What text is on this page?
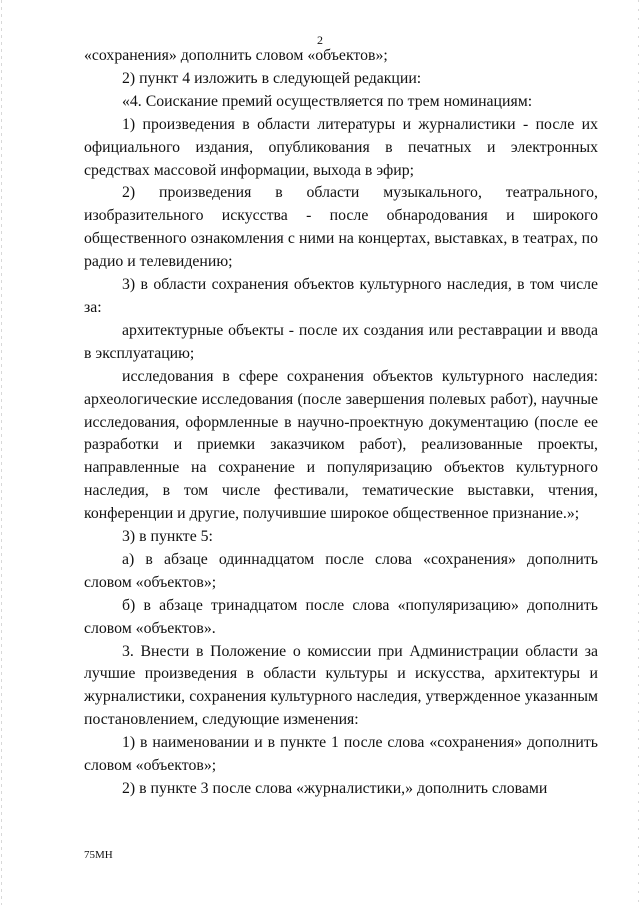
2

«сохранения» дополнить словом «объектов»;

2) пункт 4 изложить в следующей редакции:

«4. Соискание премий осуществляется по трем номинациям:

1) произведения в области литературы и журналистики - после их официального издания, опубликования в печатных и электронных средствах массовой информации, выхода в эфир;

2) произведения в области музыкального, театрального, изобразительного искусства - после обнародования и широкого общественного ознакомления с ними на концертах, выставках, в театрах, по радио и телевидению;

3) в области сохранения объектов культурного наследия, в том числе за:

архитектурные объекты - после их создания или реставрации и ввода в эксплуатацию;

исследования в сфере сохранения объектов культурного наследия: археологические исследования (после завершения полевых работ), научные исследования, оформленные в научно-проектную документацию (после ее разработки и приемки заказчиком работ), реализованные проекты, направленные на сохранение и популяризацию объектов культурного наследия, в том числе фестивали, тематические выставки, чтения, конференции и другие, получившие широкое общественное признание.»;

3) в пункте 5:

а) в абзаце одиннадцатом после слова «сохранения» дополнить словом «объектов»;

б) в абзаце тринадцатом после слова «популяризацию» дополнить словом «объектов».

3. Внести в Положение о комиссии при Администрации области за лучшие произведения в области культуры и искусства, архитектуры и журналистики, сохранения культурного наследия, утвержденное указанным постановлением, следующие изменения:

1) в наименовании и в пункте 1 после слова «сохранения» дополнить словом «объектов»;

2) в пункте 3 после слова «журналистики,» дополнить словами

75МН
